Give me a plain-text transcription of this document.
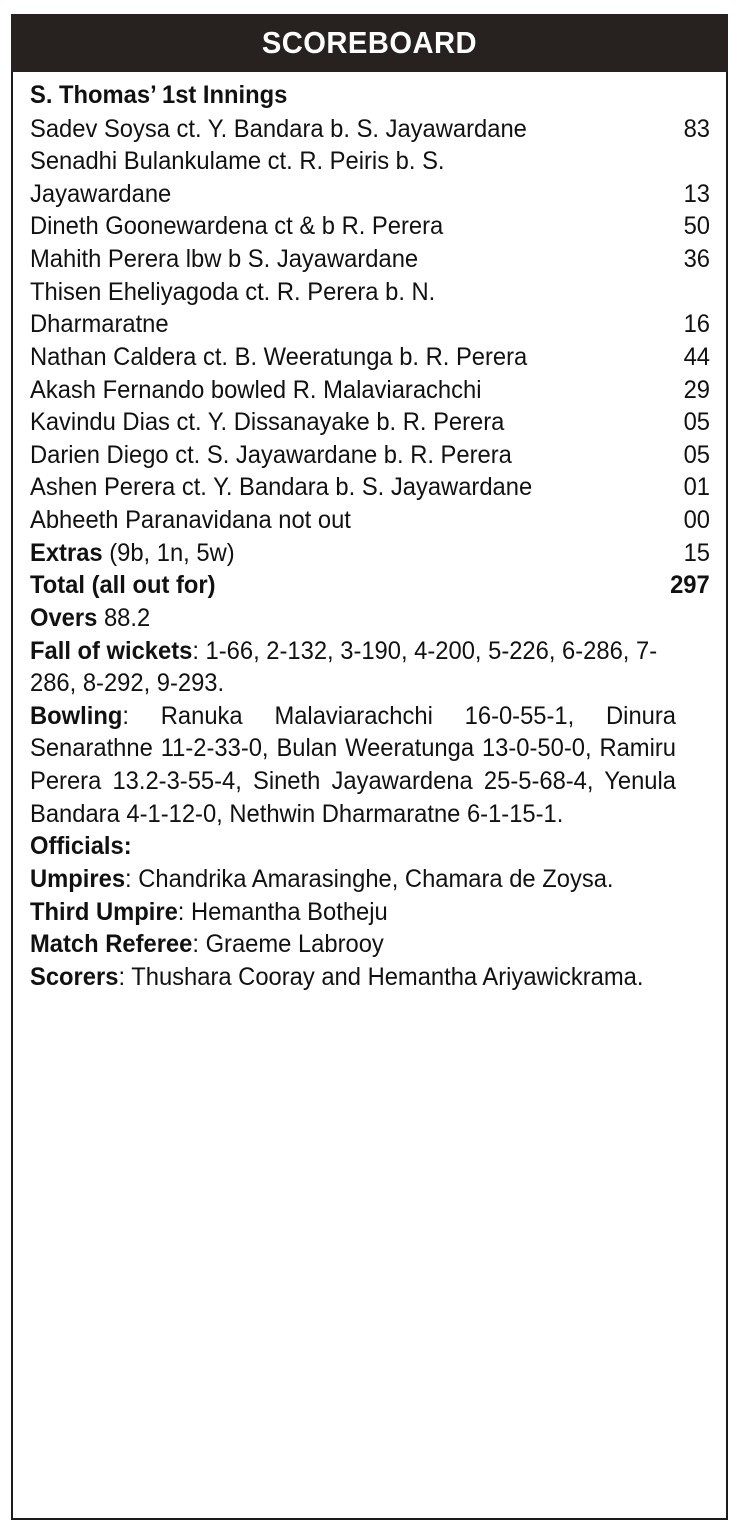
SCOREBOARD
S. Thomas’ 1st Innings
Sadev Soysa ct. Y. Bandara b. S. Jayawardane	83
Senadhi Bulankulame ct. R. Peiris b. S.
Jayawardane	13
Dineth Goonewardena ct & b R. Perera	50
Mahith Perera lbw b S. Jayawardane	36
Thisen Eheliyagoda ct. R. Perera b. N.
Dharmaratne	16
Nathan Caldera ct. B. Weeratunga b. R. Perera	44
Akash Fernando bowled R. Malaviarachchi	29
Kavindu Dias ct. Y. Dissanayake b. R. Perera	05
Darien Diego ct. S. Jayawardane b. R. Perera	05
Ashen Perera ct. Y. Bandara b. S. Jayawardane	01
Abheeth Paranavidana not out	00
Extras (9b, 1n, 5w)	15
Total (all out for)	297
Overs 88.2
Fall of wickets: 1-66, 2-132, 3-190, 4-200, 5-226, 6-286, 7-286, 8-292, 9-293.
Bowling: Ranuka Malaviarachchi 16-0-55-1, Dinura Senarathne 11-2-33-0, Bulan Weeratunga 13-0-50-0, Ramiru Perera 13.2-3-55-4, Sineth Jayawardena 25-5-68-4, Yenula Bandara 4-1-12-0, Nethwin Dharmaratne 6-1-15-1.
Officials:
Umpires: Chandrika Amarasinghe, Chamara de Zoysa.
Third Umpire: Hemantha Botheju
Match Referee: Graeme Labrooy
Scorers: Thushara Cooray and Hemantha Ariyawickrama.
